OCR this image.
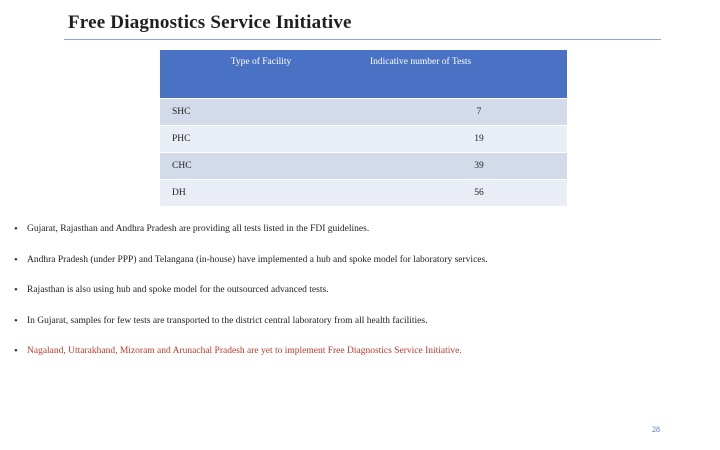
Free Diagnostics Service Initiative
Type of Facility	Indicative number of Tests
SHC	7
PHC	19
CHC	39
DH	56
• Gujarat, Rajasthan and Andhra Pradesh are providing all tests listed in the FDI guidelines.
• Andhra Pradesh (under PPP) and Telangana (in-house) have implemented a hub and spoke model for laboratory services.
• Rajasthan is also using hub and spoke model for the outsourced advanced tests.
• In Gujarat, samples for few tests are transported to the district central laboratory from all health facilities.
• Nagaland, Uttarakhand, Mizoram and Arunachal Pradesh are yet to implement Free Diagnostics Service Initiative.
28
